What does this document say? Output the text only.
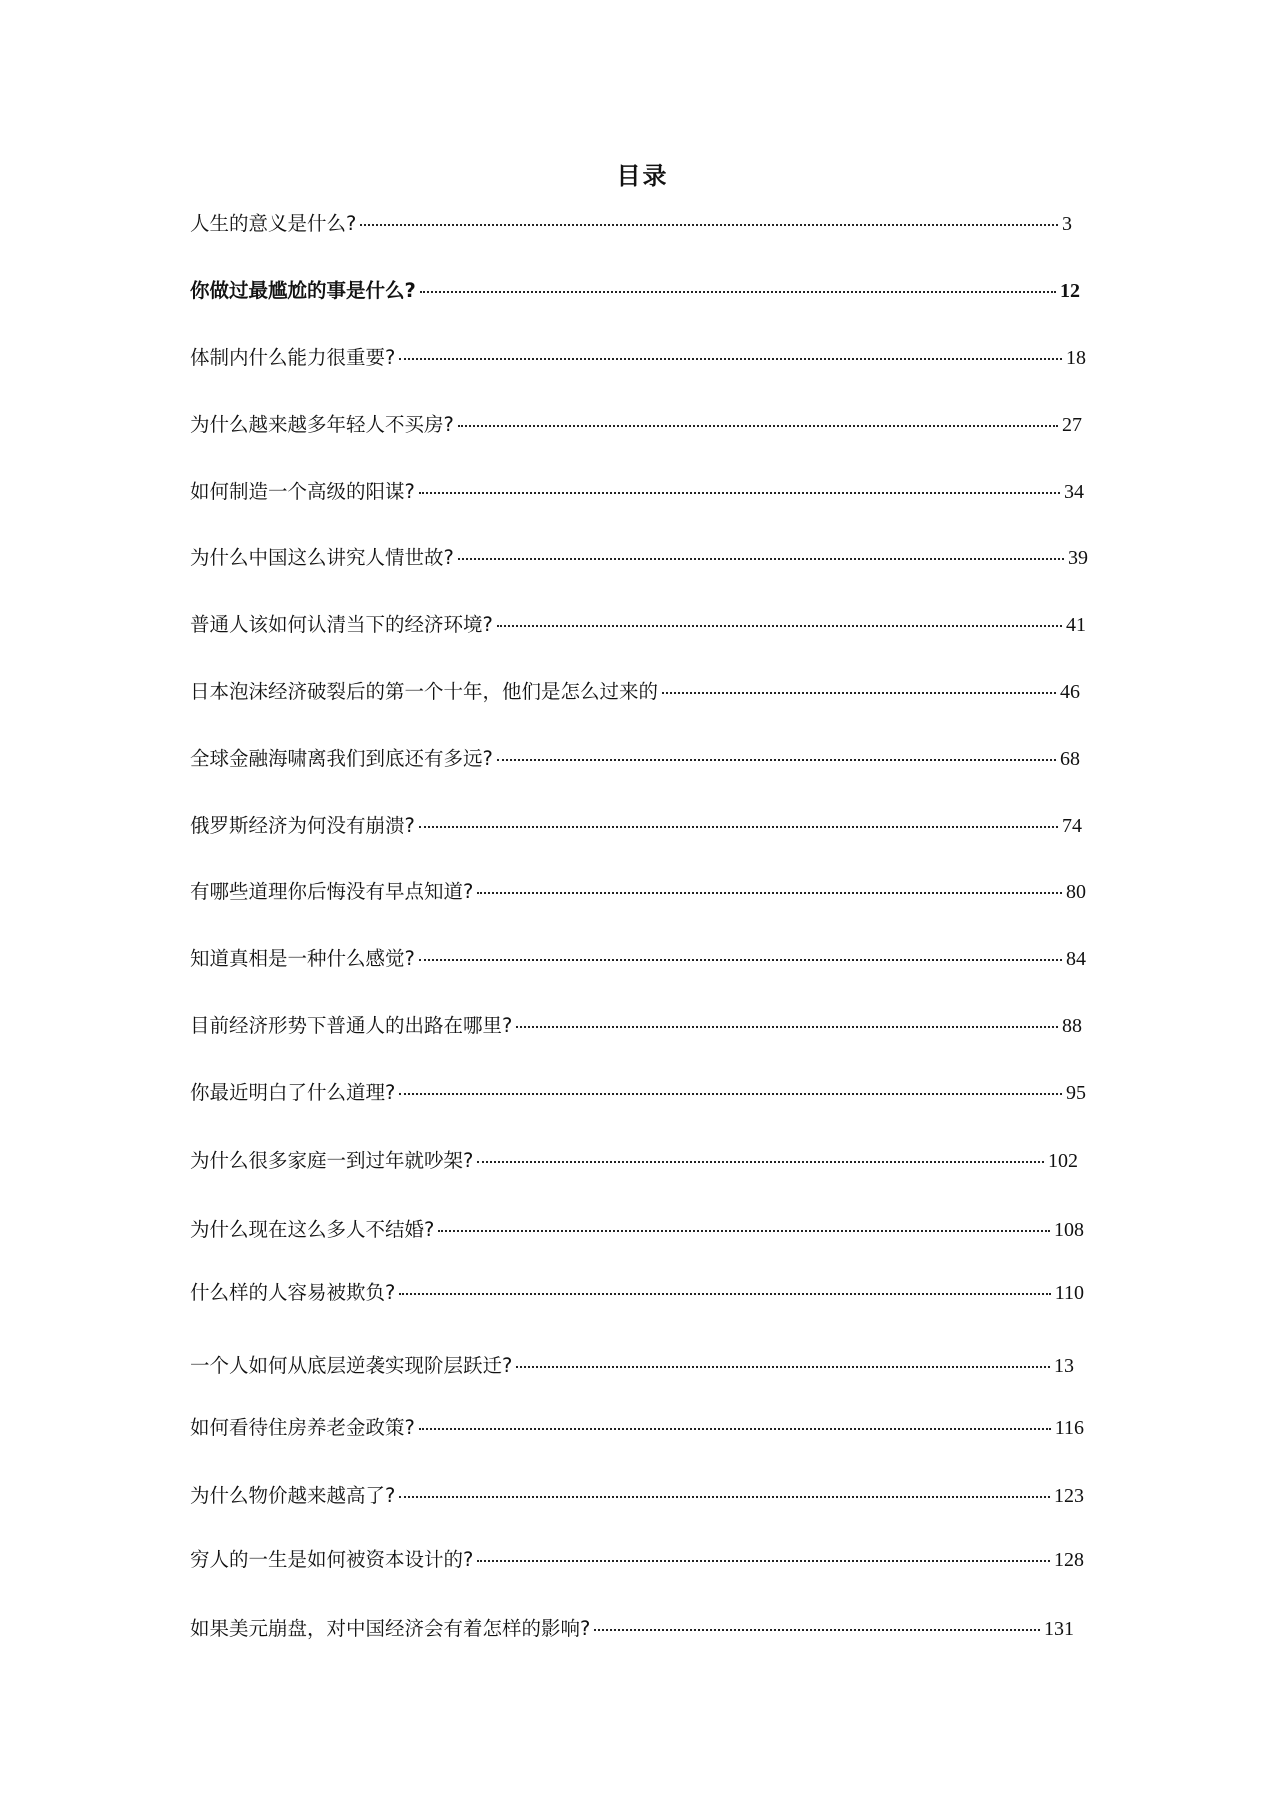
目录
人生的意义是什么?	3
你做过最尴尬的事是什么?	12
体制内什么能力很重要?	18
为什么越来越多年轻人不买房?	27
如何制造一个高级的阳谋?	34
为什么中国这么讲究人情世故?	39
普通人该如何认清当下的经济环境?	41
日本泡沫经济破裂后的第一个十年，他们是怎么过来的	46
全球金融海啸离我们到底还有多远?	68
俄罗斯经济为何没有崩溃?	74
有哪些道理你后悔没有早点知道?	80
知道真相是一种什么感觉?	84
目前经济形势下普通人的出路在哪里?	88
你最近明白了什么道理?	95
为什么很多家庭一到过年就吵架?	102
为什么现在这么多人不结婚?	108
什么样的人容易被欺负?	110
一个人如何从底层逆袭实现阶层跃迁?	13
如何看待住房养老金政策?	116
为什么物价越来越高了?	123
穷人的一生是如何被资本设计的?	128
如果美元崩盘，对中国经济会有着怎样的影响?	131
